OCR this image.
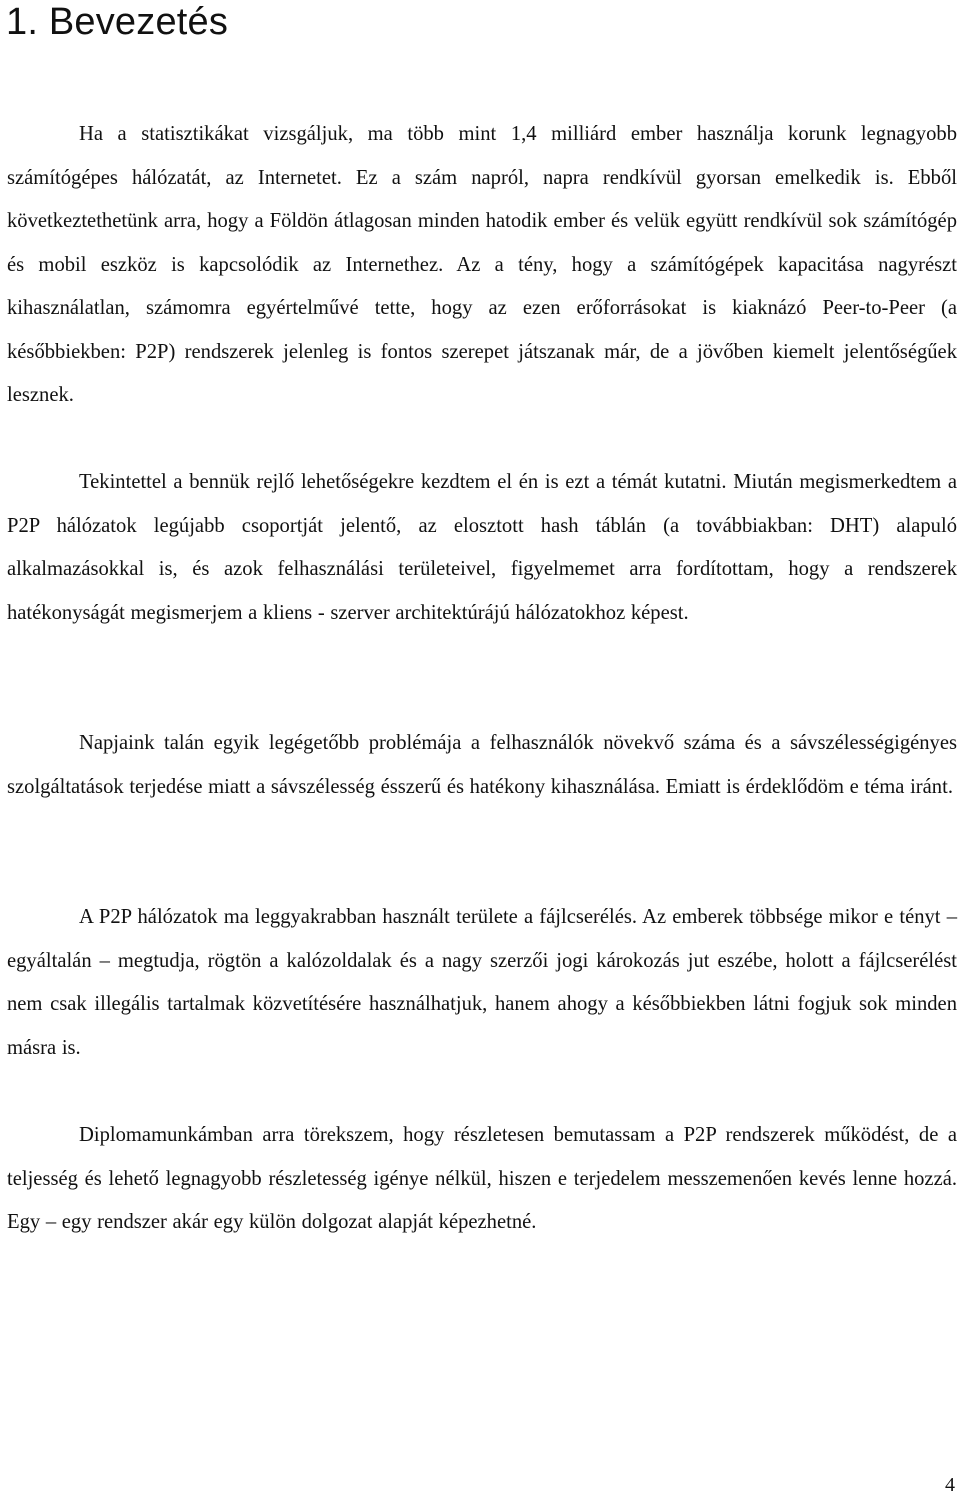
1. Bevezetés

Ha a statisztikákat vizsgáljuk, ma több mint 1,4 milliárd ember használja korunk legnagyobb számítógépes hálózatát, az Internetet. Ez a szám napról, napra rendkívül gyorsan emelkedik is. Ebből következtethetünk arra, hogy a Földön átlagosan minden hatodik ember és velük együtt rendkívül sok számítógép és mobil eszköz is kapcsolódik az Internethez. Az a tény, hogy a számítógépek kapacitása nagyrészt kihasználatlan, számomra egyértelművé tette, hogy az ezen erőforrásokat is kiaknázó Peer-to-Peer (a későbbiekben: P2P) rendszerek jelenleg is fontos szerepet játszanak már, de a jövőben kiemelt jelentőségűek lesznek.

Tekintettel a bennük rejlő lehetőségekre kezdtem el én is ezt a témát kutatni. Miután megismerkedtem a P2P hálózatok legújabb csoportját jelentő, az elosztott hash táblán (a továbbiakban: DHT) alapuló alkalmazásokkal is, és azok felhasználási területeivel, figyelmemet arra fordítottam, hogy a rendszerek hatékonyságát megismerjem a kliens - szerver architektúrájú hálózatokhoz képest.

Napjaink talán egyik legégetőbb problémája a felhasználók növekvő száma és a sávszélességigényes szolgáltatások terjedése miatt a sávszélesség ésszerű és hatékony kihasználása. Emiatt is érdeklődöm e téma iránt.

A P2P hálózatok ma leggyakrabban használt területe a fájlcserélés. Az emberek többsége mikor e tényt – egyáltalán – megtudja, rögtön a kalózoldalak és a nagy szerzői jogi károkozás jut eszébe, holott a fájlcserélést nem csak illegális tartalmak közvetítésére használhatjuk, hanem ahogy a későbbiekben látni fogjuk sok minden másra is.

Diplomamunkámban arra törekszem, hogy részletesen bemutassam a P2P rendszerek működést, de a teljesség és lehető legnagyobb részletesség igénye nélkül, hiszen e terjedelem messzemenően kevés lenne hozzá. Egy – egy rendszer akár egy külön dolgozat alapját képezhetné.

4
